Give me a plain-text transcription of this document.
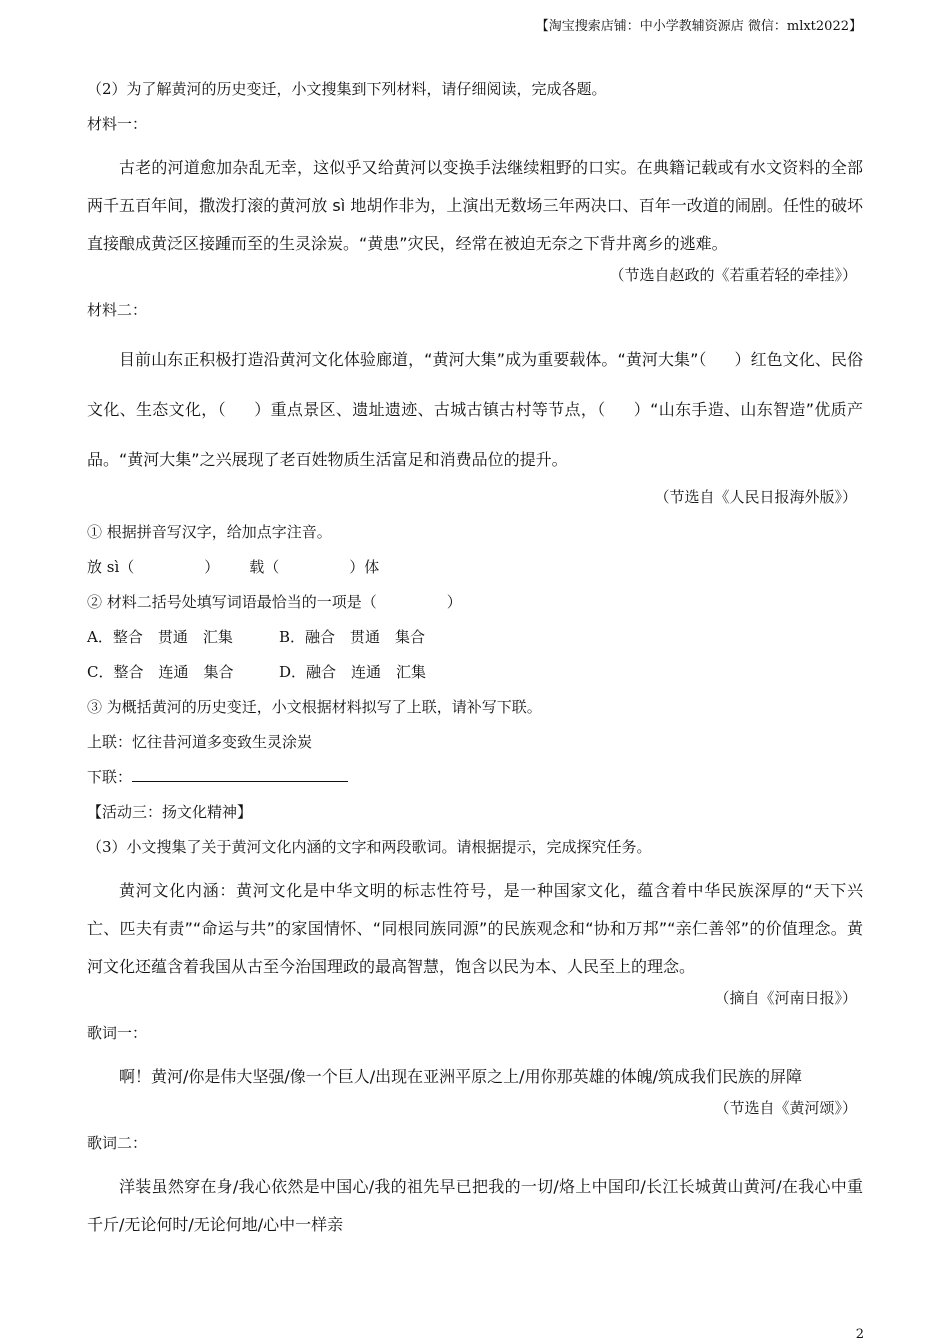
【淘宝搜索店铺：中小学教辅资源店 微信：mlxt2022】
（2）为了解黄河的历史变迁，小文搜集到下列材料，请仔细阅读，完成各题。
材料一：
古老的河道愈加杂乱无幸，这似乎又给黄河以变换手法继续粗野的口实。在典籍记载或有水文资料的全部两千五百年间，撒泼打滚的黄河放 sì 地胡作非为，上演出无数场三年两决口、百年一改道的闹剧。任性的破坏直接酿成黄泛区接踵而至的生灵涂炭。“黄患”灾民，经常在被迫无奈之下背井离乡的逃难。
（节选自赵政的《若重若轻的牵挂》）
材料二：
目前山东正积极打造沿黄河文化体验廊道，“黄河大集”成为重要载体。“黄河大集”（ ）红色文化、民俗文化、生态文化，（ ）重点景区、遗址遗迹、古城古镇古村等节点，（ ）“山东手造、山东智造”优质产品。“黄河大集”之兴展现了老百姓物质生活富足和消费品位的提升。
（节选自《人民日报海外版》）
① 根据拼音写汉字，给加点字注音。
放 sì（	） 载（	）体
② 材料二括号处填写词语最恰当的一项是（	）
A．整合　贯通　汇集	B．融合　贯通　集合
C．整合　连通　集合	D．融合　连通　汇集
③ 为概括黄河的历史变迁，小文根据材料拟写了上联，请补写下联。
上联：忆往昔河道多变致生灵涂炭
下联：
【活动三：扬文化精神】
（3）小文搜集了关于黄河文化内涵的文字和两段歌词。请根据提示，完成探究任务。
黄河文化内涵：黄河文化是中华文明的标志性符号，是一种国家文化，蕴含着中华民族深厚的“天下兴亡、匹夫有责”“命运与共”的家国情怀、“同根同族同源”的民族观念和“协和万邦”“亲仁善邻”的价值理念。黄河文化还蕴含着我国从古至今治国理政的最高智慧，饱含以民为本、人民至上的理念。
（摘自《河南日报》）
歌词一：
啊！黄河/你是伟大坚强/像一个巨人/出现在亚洲平原之上/用你那英雄的体魄/筑成我们民族的屏障
（节选自《黄河颂》）
歌词二：
洋装虽然穿在身/我心依然是中国心/我的祖先早已把我的一切/烙上中国印/长江长城黄山黄河/在我心中重千斤/无论何时/无论何地/心中一样亲
2
